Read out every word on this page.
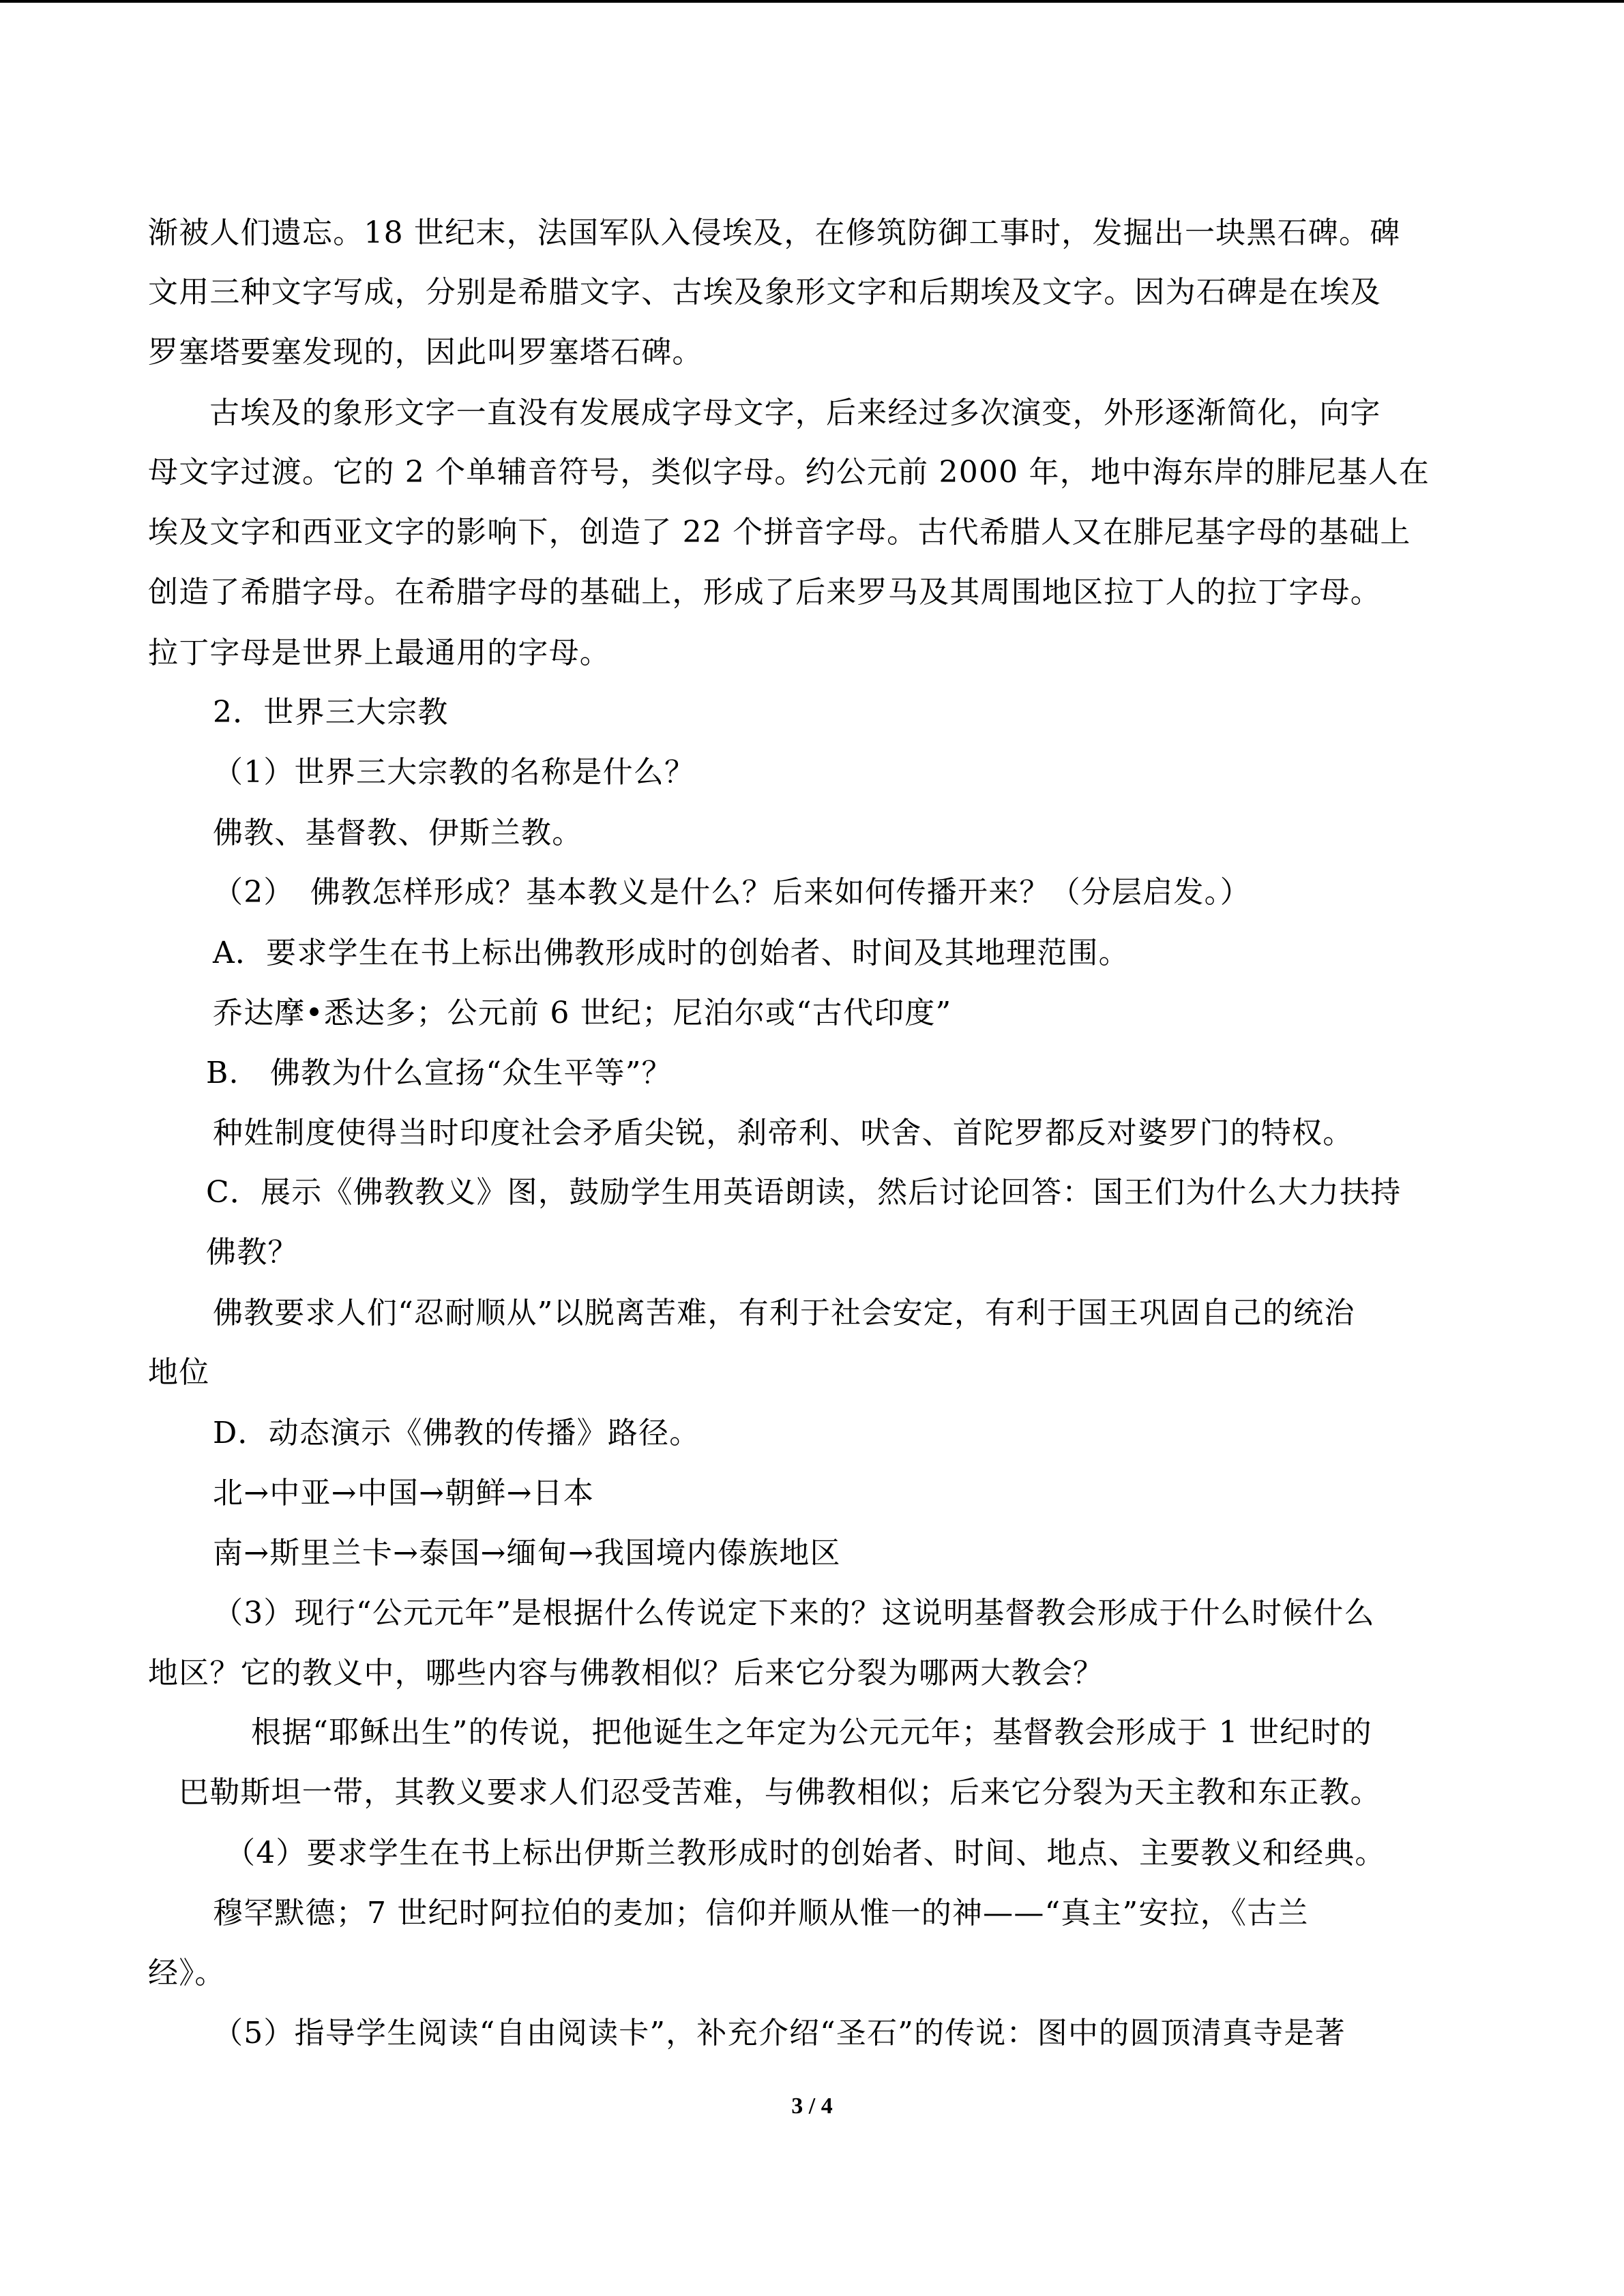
渐被人们遗忘。18 世纪末，法国军队入侵埃及，在修筑防御工事时，发掘出一块黑石碑。碑
文用三种文字写成，分别是希腊文字、古埃及象形文字和后期埃及文字。因为石碑是在埃及
罗塞塔要塞发现的，因此叫罗塞塔石碑。
古埃及的象形文字一直没有发展成字母文字，后来经过多次演变，外形逐渐简化，向字
母文字过渡。它的 2 个单辅音符号，类似字母。约公元前 2000 年，地中海东岸的腓尼基人在
埃及文字和西亚文字的影响下，创造了 22 个拼音字母。古代希腊人又在腓尼基字母的基础上
创造了希腊字母。在希腊字母的基础上，形成了后来罗马及其周围地区拉丁人的拉丁字母。
拉丁字母是世界上最通用的字母。
2．世界三大宗教
（1）世界三大宗教的名称是什么？
佛教、基督教、伊斯兰教。
（2）　佛教怎样形成？基本教义是什么？后来如何传播开来？（分层启发。）
A．要求学生在书上标出佛教形成时的创始者、时间及其地理范围。
乔达摩•悉达多；公元前 6 世纪；尼泊尔或“古代印度”
B.　佛教为什么宣扬“众生平等”？
种姓制度使得当时印度社会矛盾尖锐，刹帝利、吠舍、首陀罗都反对婆罗门的特权。
C．展示《佛教教义》图，鼓励学生用英语朗读，然后讨论回答：国王们为什么大力扶持
佛教？
佛教要求人们“忍耐顺从”以脱离苦难，有利于社会安定，有利于国王巩固自己的统治
地位
D．动态演示《佛教的传播》路径。
北→中亚→中国→朝鲜→日本
南→斯里兰卡→泰国→缅甸→我国境内傣族地区
（3）现行“公元元年”是根据什么传说定下来的？这说明基督教会形成于什么时候什么
地区？它的教义中，哪些内容与佛教相似？后来它分裂为哪两大教会？
根据“耶稣出生”的传说，把他诞生之年定为公元元年；基督教会形成于 1 世纪时的
巴勒斯坦一带，其教义要求人们忍受苦难，与佛教相似；后来它分裂为天主教和东正教。
（4）要求学生在书上标出伊斯兰教形成时的创始者、时间、地点、主要教义和经典。
穆罕默德；7 世纪时阿拉伯的麦加；信仰并顺从惟一的神——“真主”安拉，《古兰
经》。
（5）指导学生阅读“自由阅读卡”，补充介绍“圣石”的传说：图中的圆顶清真寺是著
3 / 4
